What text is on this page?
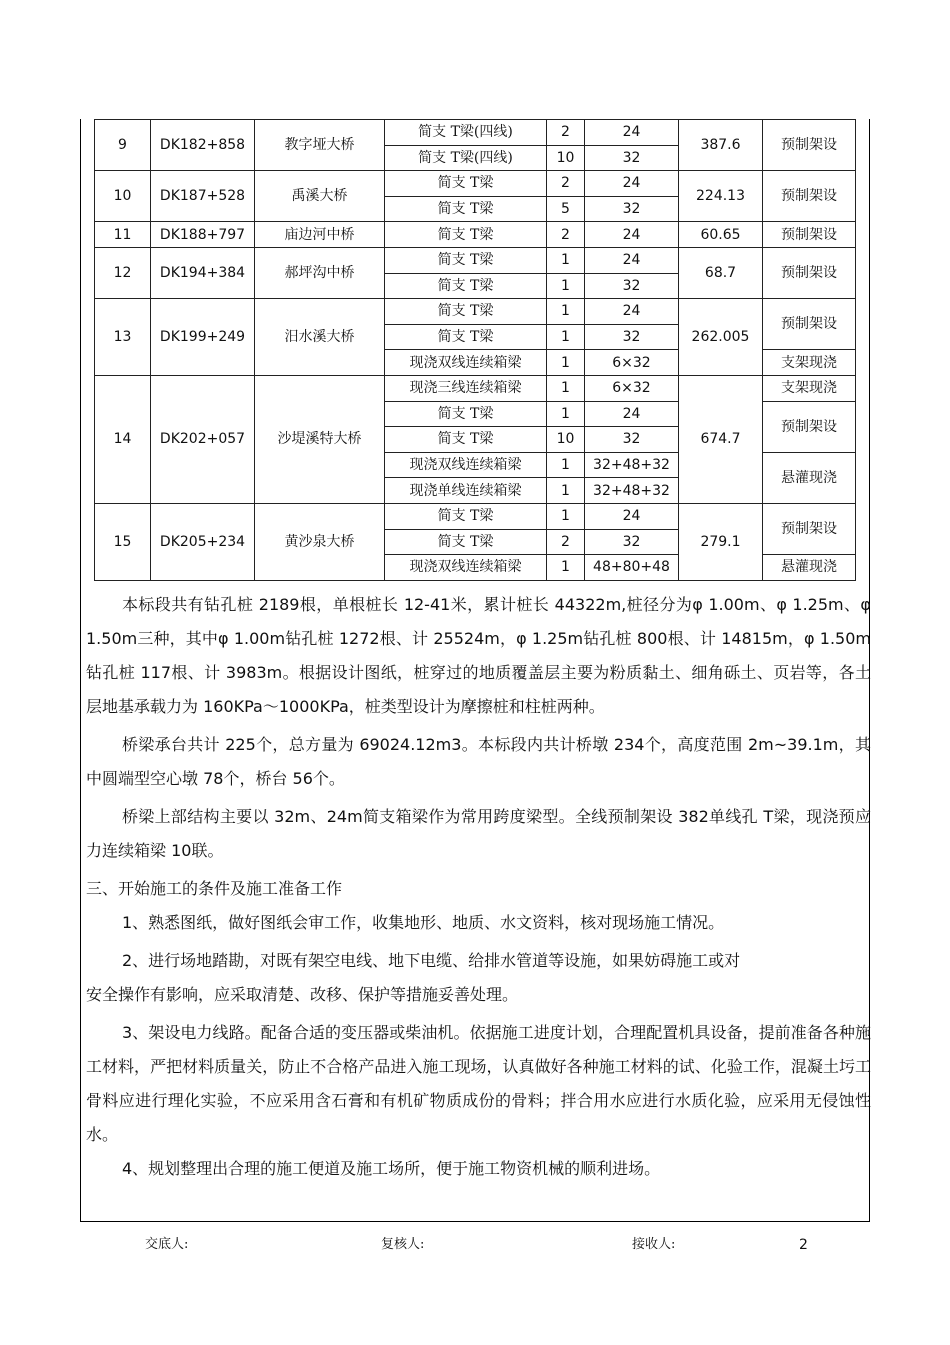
9	DK182+858	教字垭大桥	简支 T梁(四线)	2	24	387.6	预制架设
			简支 T梁(四线)	10	32		
10	DK187+528	禹溪大桥	简支 T梁	2	24	224.13	预制架设
			简支 T梁	5	32		
11	DK188+797	庙边河中桥	简支 T梁	2	24	60.65	预制架设
12	DK194+384	郝坪沟中桥	简支 T梁	1	24	68.7	预制架设
			简支 T梁	1	32		
13	DK199+249	汨水溪大桥	简支 T梁	1	24	262.005	预制架设
			简支 T梁	1	32		
			现浇双线连续箱梁	1	6×32		支架现浇
14	DK202+057	沙堤溪特大桥	现浇三线连续箱梁	1	6×32	674.7	支架现浇
			简支 T梁	1	24		预制架设
			简支 T梁	10	32		
			现浇双线连续箱梁	1	32+48+32		悬灌现浇
			现浇单线连续箱梁	1	32+48+32		
15	DK205+234	黄沙泉大桥	简支 T梁	1	24	279.1	预制架设
			简支 T梁	2	32		
			现浇双线连续箱梁	1	48+80+48		悬灌现浇

本标段共有钻孔桩 2189根，单根桩长 12-41米，累计桩长 44322m,桩径分为φ 1.00m、φ 1.25m、φ 1.50m三种，其中φ 1.00m钻孔桩 1272根、计 25524m，φ 1.25m钻孔桩 800根、计 14815m，φ 1.50m钻孔桩 117根、计 3983m。根据设计图纸，桩穿过的地质覆盖层主要为粉质黏土、细角砾土、页岩等，各土层地基承载力为 160KPa～1000KPa，桩类型设计为摩擦桩和柱桩两种。

桥梁承台共计 225个，总方量为 69024.12m3。本标段内共计桥墩 234个，高度范围 2m~39.1m，其中圆端型空心墩 78个，桥台 56个。

桥梁上部结构主要以 32m、24m简支箱梁作为常用跨度梁型。全线预制架设 382单线孔 T梁，现浇预应力连续箱梁 10联。

三、开始施工的条件及施工准备工作

1、熟悉图纸，做好图纸会审工作，收集地形、地质、水文资料，核对现场施工情况。

2、进行场地踏勘，对既有架空电线、地下电缆、给排水管道等设施，如果妨碍施工或对

安全操作有影响，应采取清楚、改移、保护等措施妥善处理。

3、架设电力线路。配备合适的变压器或柴油机。依据施工进度计划，合理配置机具设备，提前准备各种施工材料，严把材料质量关，防止不合格产品进入施工现场，认真做好各种施工材料的试、化验工作，混凝土圬工骨料应进行理化实验，不应采用含石膏和有机矿物质成份的骨料；拌合用水应进行水质化验，应采用无侵蚀性水。

4、规划整理出合理的施工便道及施工场所，便于施工物资机械的顺利进场。

交底人:	复核人:	接收人:	2
